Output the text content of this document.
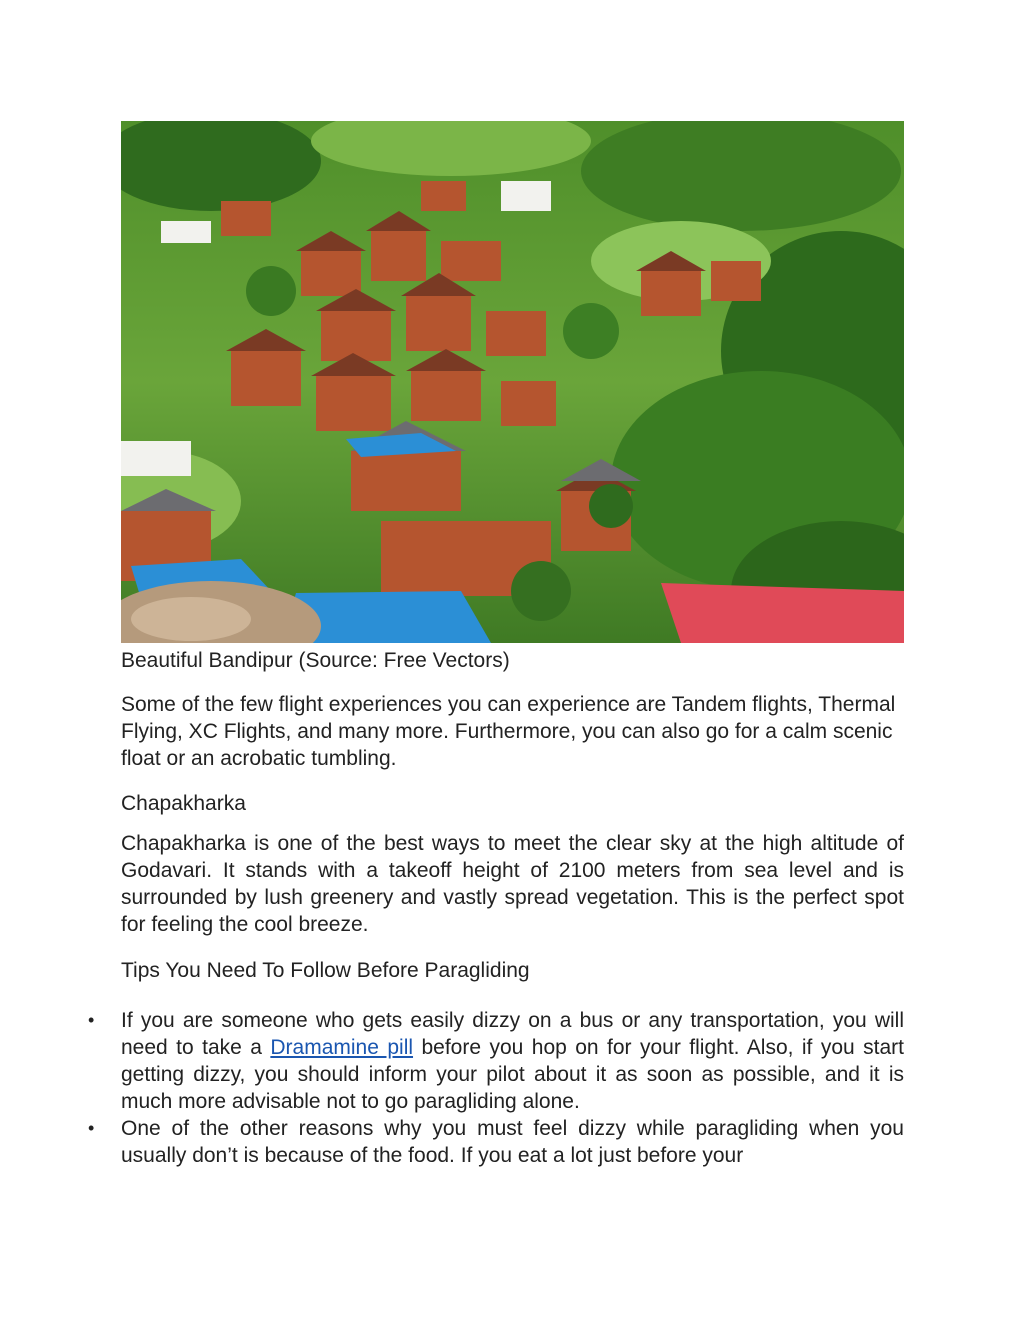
Beautiful Bandipur (Source: Free Vectors)

Some of the few flight experiences you can experience are Tandem flights, Thermal Flying, XC Flights, and many more. Furthermore, you can also go for a calm scenic float or an acrobatic tumbling.

Chapakharka

Chapakharka is one of the best ways to meet the clear sky at the high altitude of Godavari. It stands with a takeoff height of 2100 meters from sea level and is surrounded by lush greenery and vastly spread vegetation. This is the perfect spot for feeling the cool breeze.

Tips You Need To Follow Before Paragliding

• If you are someone who gets easily dizzy on a bus or any transportation, you will need to take a Dramamine pill before you hop on for your flight. Also, if you start getting dizzy, you should inform your pilot about it as soon as possible, and it is much more advisable not to go paragliding alone.
• One of the other reasons why you must feel dizzy while paragliding when you usually don’t is because of the food. If you eat a lot just before your
